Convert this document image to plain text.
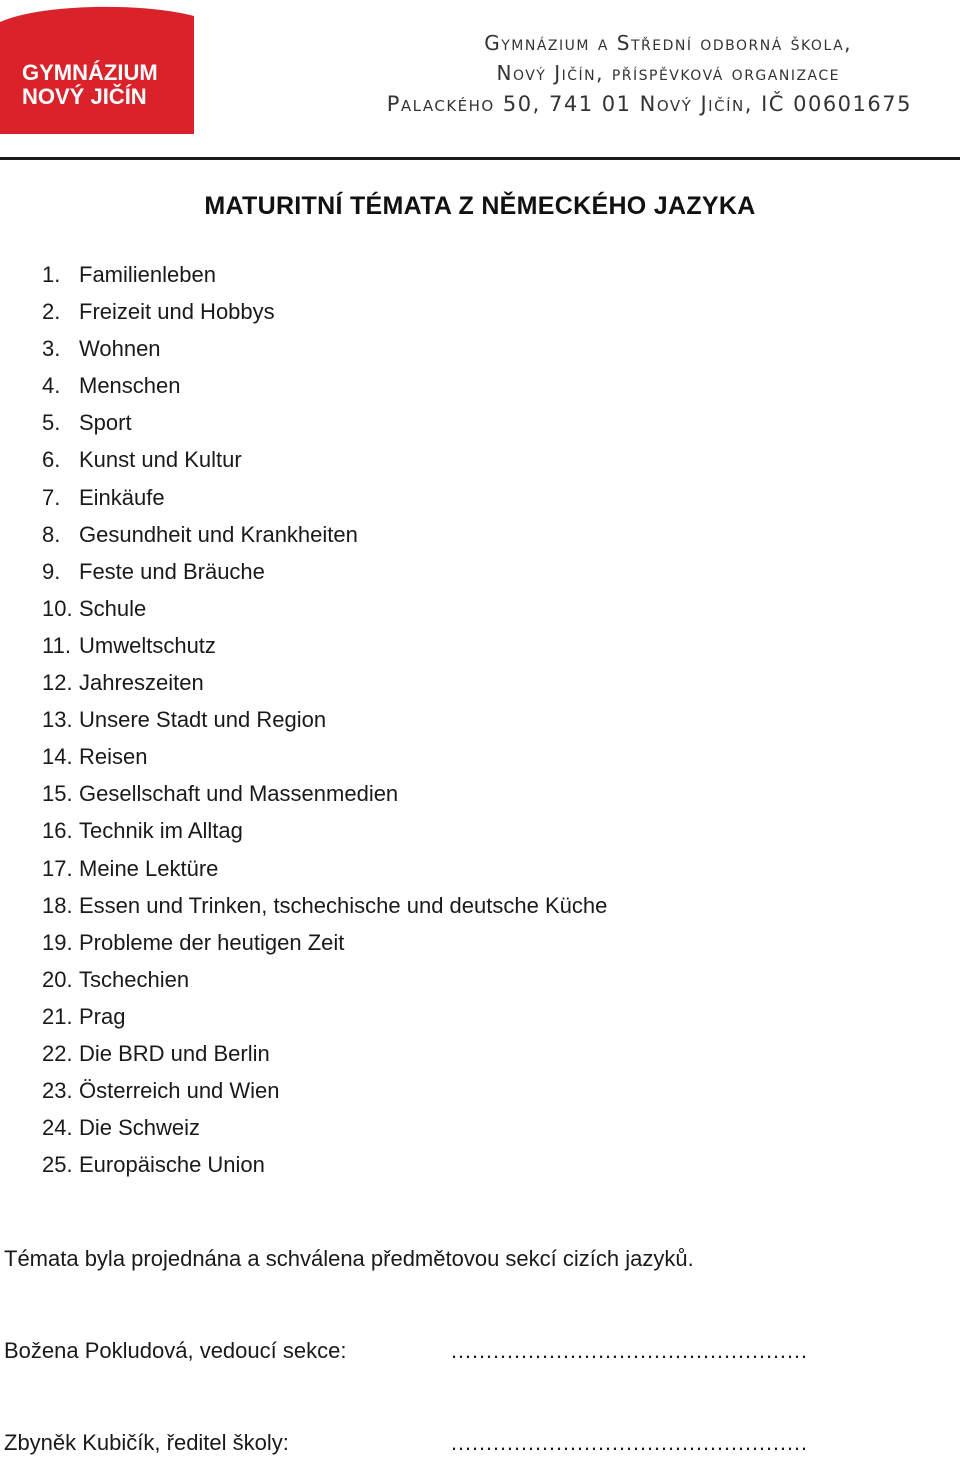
GYMNÁZIUM
NOVÝ JIČÍN
Gymnázium a Střední odborná škola,
Nový Jičín, příspěvková organizace
Palackého 50, 741 01 Nový Jičín, IČ 00601675
MATURITNÍ TÉMATA Z NĚMECKÉHO JAZYKA
1. Familienleben
2. Freizeit und Hobbys
3. Wohnen
4. Menschen
5. Sport
6. Kunst und Kultur
7. Einkäufe
8. Gesundheit und Krankheiten
9. Feste und Bräuche
10. Schule
11. Umweltschutz
12. Jahreszeiten
13. Unsere Stadt und Region
14. Reisen
15. Gesellschaft und Massenmedien
16. Technik im Alltag
17. Meine Lektüre
18. Essen und Trinken, tschechische und deutsche Küche
19. Probleme der heutigen Zeit
20. Tschechien
21. Prag
22. Die BRD und Berlin
23. Österreich und Wien
24. Die Schweiz
25. Europäische Union
Témata byla projednána a schválena předmětovou sekcí cizích jazyků.
Božena Pokludová, vedoucí sekce:	……………………………………………
Zbyněk Kubičík, ředitel školy:	……………………………………………
